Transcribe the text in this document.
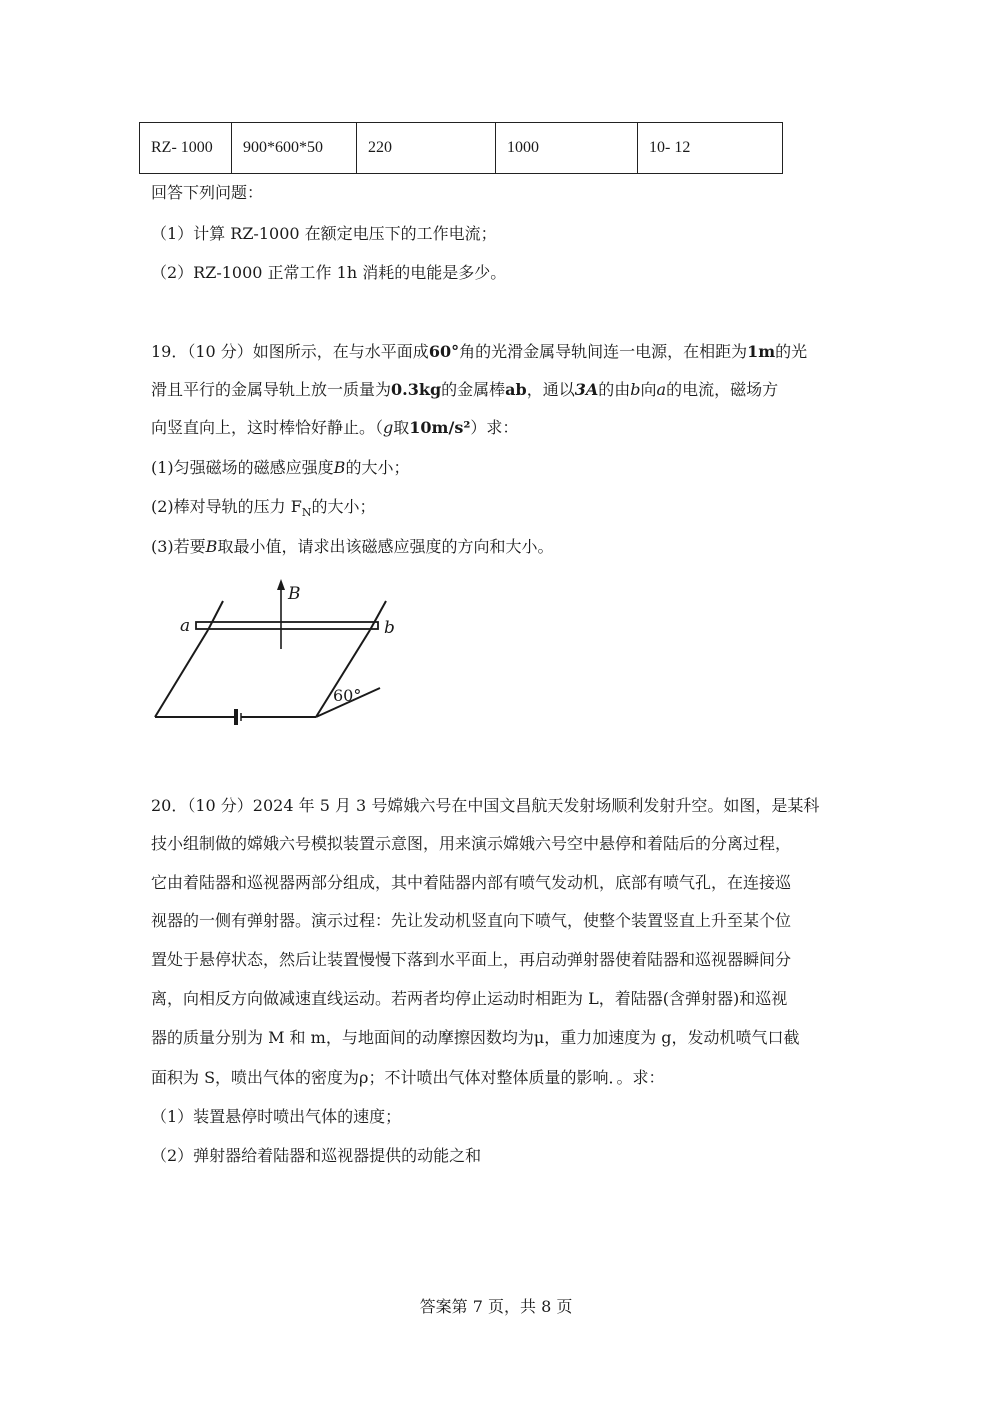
RZ- 1000	900*600*50	220	1000	10- 12
回答下列问题：
（1）计算 RZ-1000 在额定电压下的工作电流；
（2）RZ-1000 正常工作 1h 消耗的电能是多少。
19．（10 分）如图所示，在与水平面成60°角的光滑金属导轨间连一电源，在相距为1m的光
滑且平行的金属导轨上放一质量为0.3kg的金属棒ab，通以3A的由b向a的电流，磁场方
向竖直向上，这时棒恰好静止。（g取10m/s²）求：
(1)匀强磁场的磁感应强度B的大小；
(2)棒对导轨的压力 $F_N$的大小；
(3)若要B取最小值，请求出该磁感应强度的方向和大小。
a	b
B
60°
20．（10 分）2024 年 5 月 3 号嫦娥六号在中国文昌航天发射场顺利发射升空。如图，是某科
技小组制做的嫦娥六号模拟装置示意图，用来演示嫦娥六号空中悬停和着陆后的分离过程，
它由着陆器和巡视器两部分组成，其中着陆器内部有喷气发动机，底部有喷气孔，在连接巡
视器的一侧有弹射器。演示过程：先让发动机竖直向下喷气，使整个装置竖直上升至某个位
置处于悬停状态，然后让装置慢慢下落到水平面上，再启动弹射器使着陆器和巡视器瞬间分
离，向相反方向做减速直线运动。若两者均停止运动时相距为 L，着陆器(含弹射器)和巡视
器的质量分别为 M 和 m，与地面间的动摩擦因数均为μ，重力加速度为 g，发动机喷气口截
面积为 S，喷出气体的密度为ρ；不计喷出气体对整体质量的影响．。求：
（1）装置悬停时喷出气体的速度；
（2）弹射器给着陆器和巡视器提供的动能之和
答案第 7 页，共 8 页
